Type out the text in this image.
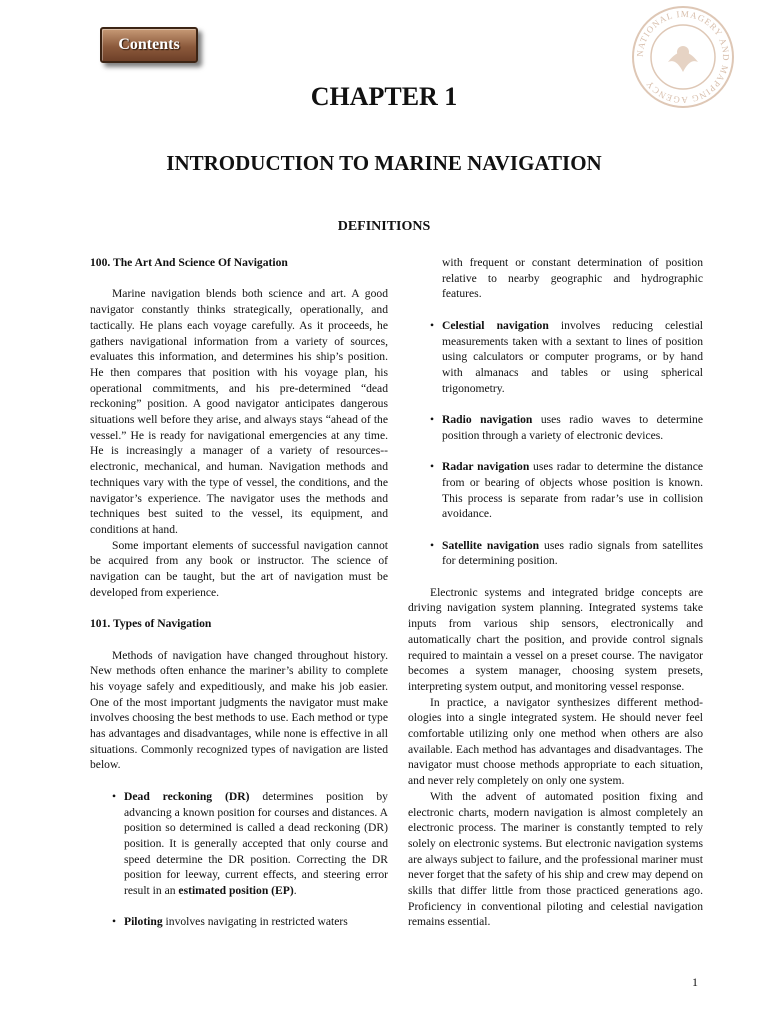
Contents
NATIONAL IMAGERY AND MAPPING AGENCY
CHAPTER 1
INTRODUCTION TO MARINE NAVIGATION
DEFINITIONS
100. The Art And Science Of Navigation

Marine navigation blends both science and art. A good navigator constantly thinks strategically, operationally, and tactically. He plans each voyage carefully. As it proceeds, he gathers navigational information from a variety of sources, evaluates this information, and determines his ship’s position. He then compares that position with his voyage plan, his operational commitments, and his pre-determined “dead reckoning” position. A good navigator anticipates dangerous situations well before they arise, and always stays “ahead of the vessel.” He is ready for navigational emergencies at any time. He is increasingly a manager of a variety of resources--electronic, mechanical, and human. Navigation methods and techniques vary with the type of vessel, the conditions, and the navigator’s experience. The navigator uses the methods and techniques best suited to the vessel, its equipment, and conditions at hand.

Some important elements of successful navigation cannot be acquired from any book or instructor. The science of navigation can be taught, but the art of navigation must be developed from experience.

101. Types of Navigation

Methods of navigation have changed throughout history. New methods often enhance the mariner’s ability to complete his voyage safely and expeditiously, and make his job easier. One of the most important judgments the navigator must make involves choosing the best methods to use. Each method or type has advantages and disadvantages, while none is effective in all situations. Commonly recognized types of navigation are listed below.

• Dead reckoning (DR) determines position by advancing a known position for courses and distances. A position so determined is called a dead reckoning (DR) position. It is generally accepted that only course and speed determine the DR position. Correcting the DR position for leeway, current effects, and steering error result in an estimated position (EP).
• Piloting involves navigating in restricted waters
with frequent or constant determination of position relative to nearby geographic and hydrographic features.
• Celestial navigation involves reducing celestial measurements taken with a sextant to lines of position using calculators or computer programs, or by hand with almanacs and tables or using spherical trigonometry.
• Radio navigation uses radio waves to determine position through a variety of electronic devices.
• Radar navigation uses radar to determine the distance from or bearing of objects whose position is known. This process is separate from radar’s use in collision avoidance.
• Satellite navigation uses radio signals from satellites for determining position.

Electronic systems and integrated bridge concepts are driving navigation system planning. Integrated systems take inputs from various ship sensors, electronically and automatically chart the position, and provide control signals required to maintain a vessel on a preset course. The navigator becomes a system manager, choosing system presets, interpreting system output, and monitoring vessel response.

In practice, a navigator synthesizes different method-ologies into a single integrated system. He should never feel comfortable utilizing only one method when others are also available. Each method has advantages and disadvantages. The navigator must choose methods appropriate to each situation, and never rely completely on only one system.

With the advent of automated position fixing and electronic charts, modern navigation is almost completely an electronic process. The mariner is constantly tempted to rely solely on electronic systems. But electronic navigation systems are always subject to failure, and the professional mariner must never forget that the safety of his ship and crew may depend on skills that differ little from those practiced generations ago. Proficiency in conventional piloting and celestial navigation remains essential.

1
